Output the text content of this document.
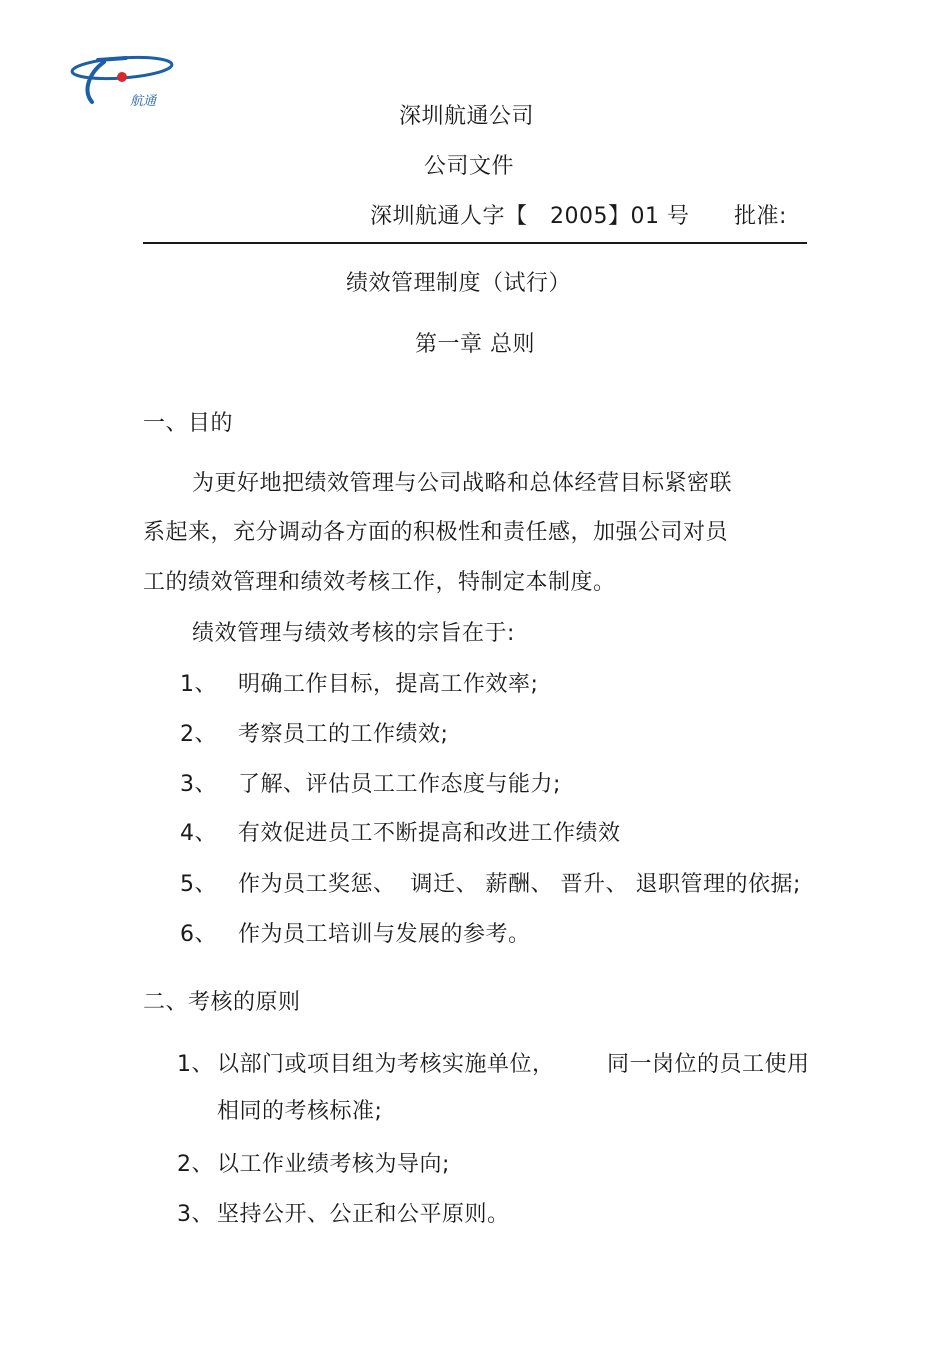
航通
深圳航通公司
公司文件
深圳航通人字【　2005】01 号 批准:
绩效管理制度（试行）
第一章 总则
一、目的
为更好地把绩效管理与公司战略和总体经营目标紧密联
系起来，充分调动各方面的积极性和责任感，加强公司对员
工的绩效管理和绩效考核工作，特制定本制度。
绩效管理与绩效考核的宗旨在于:
1、 明确工作目标，提高工作效率;
2、 考察员工的工作绩效;
3、 了解、评估员工工作态度与能力;
4、 有效促进员工不断提高和改进工作绩效
5、 作为员工奖惩、  调迁、 薪酬、 晋升、 退职管理的依据;
6、 作为员工培训与发展的参考。
二、考核的原则
1、 以部门或项目组为考核实施单位，       同一岗位的员工使用
相同的考核标准;
2、 以工作业绩考核为导向;
3、 坚持公开、公正和公平原则。
